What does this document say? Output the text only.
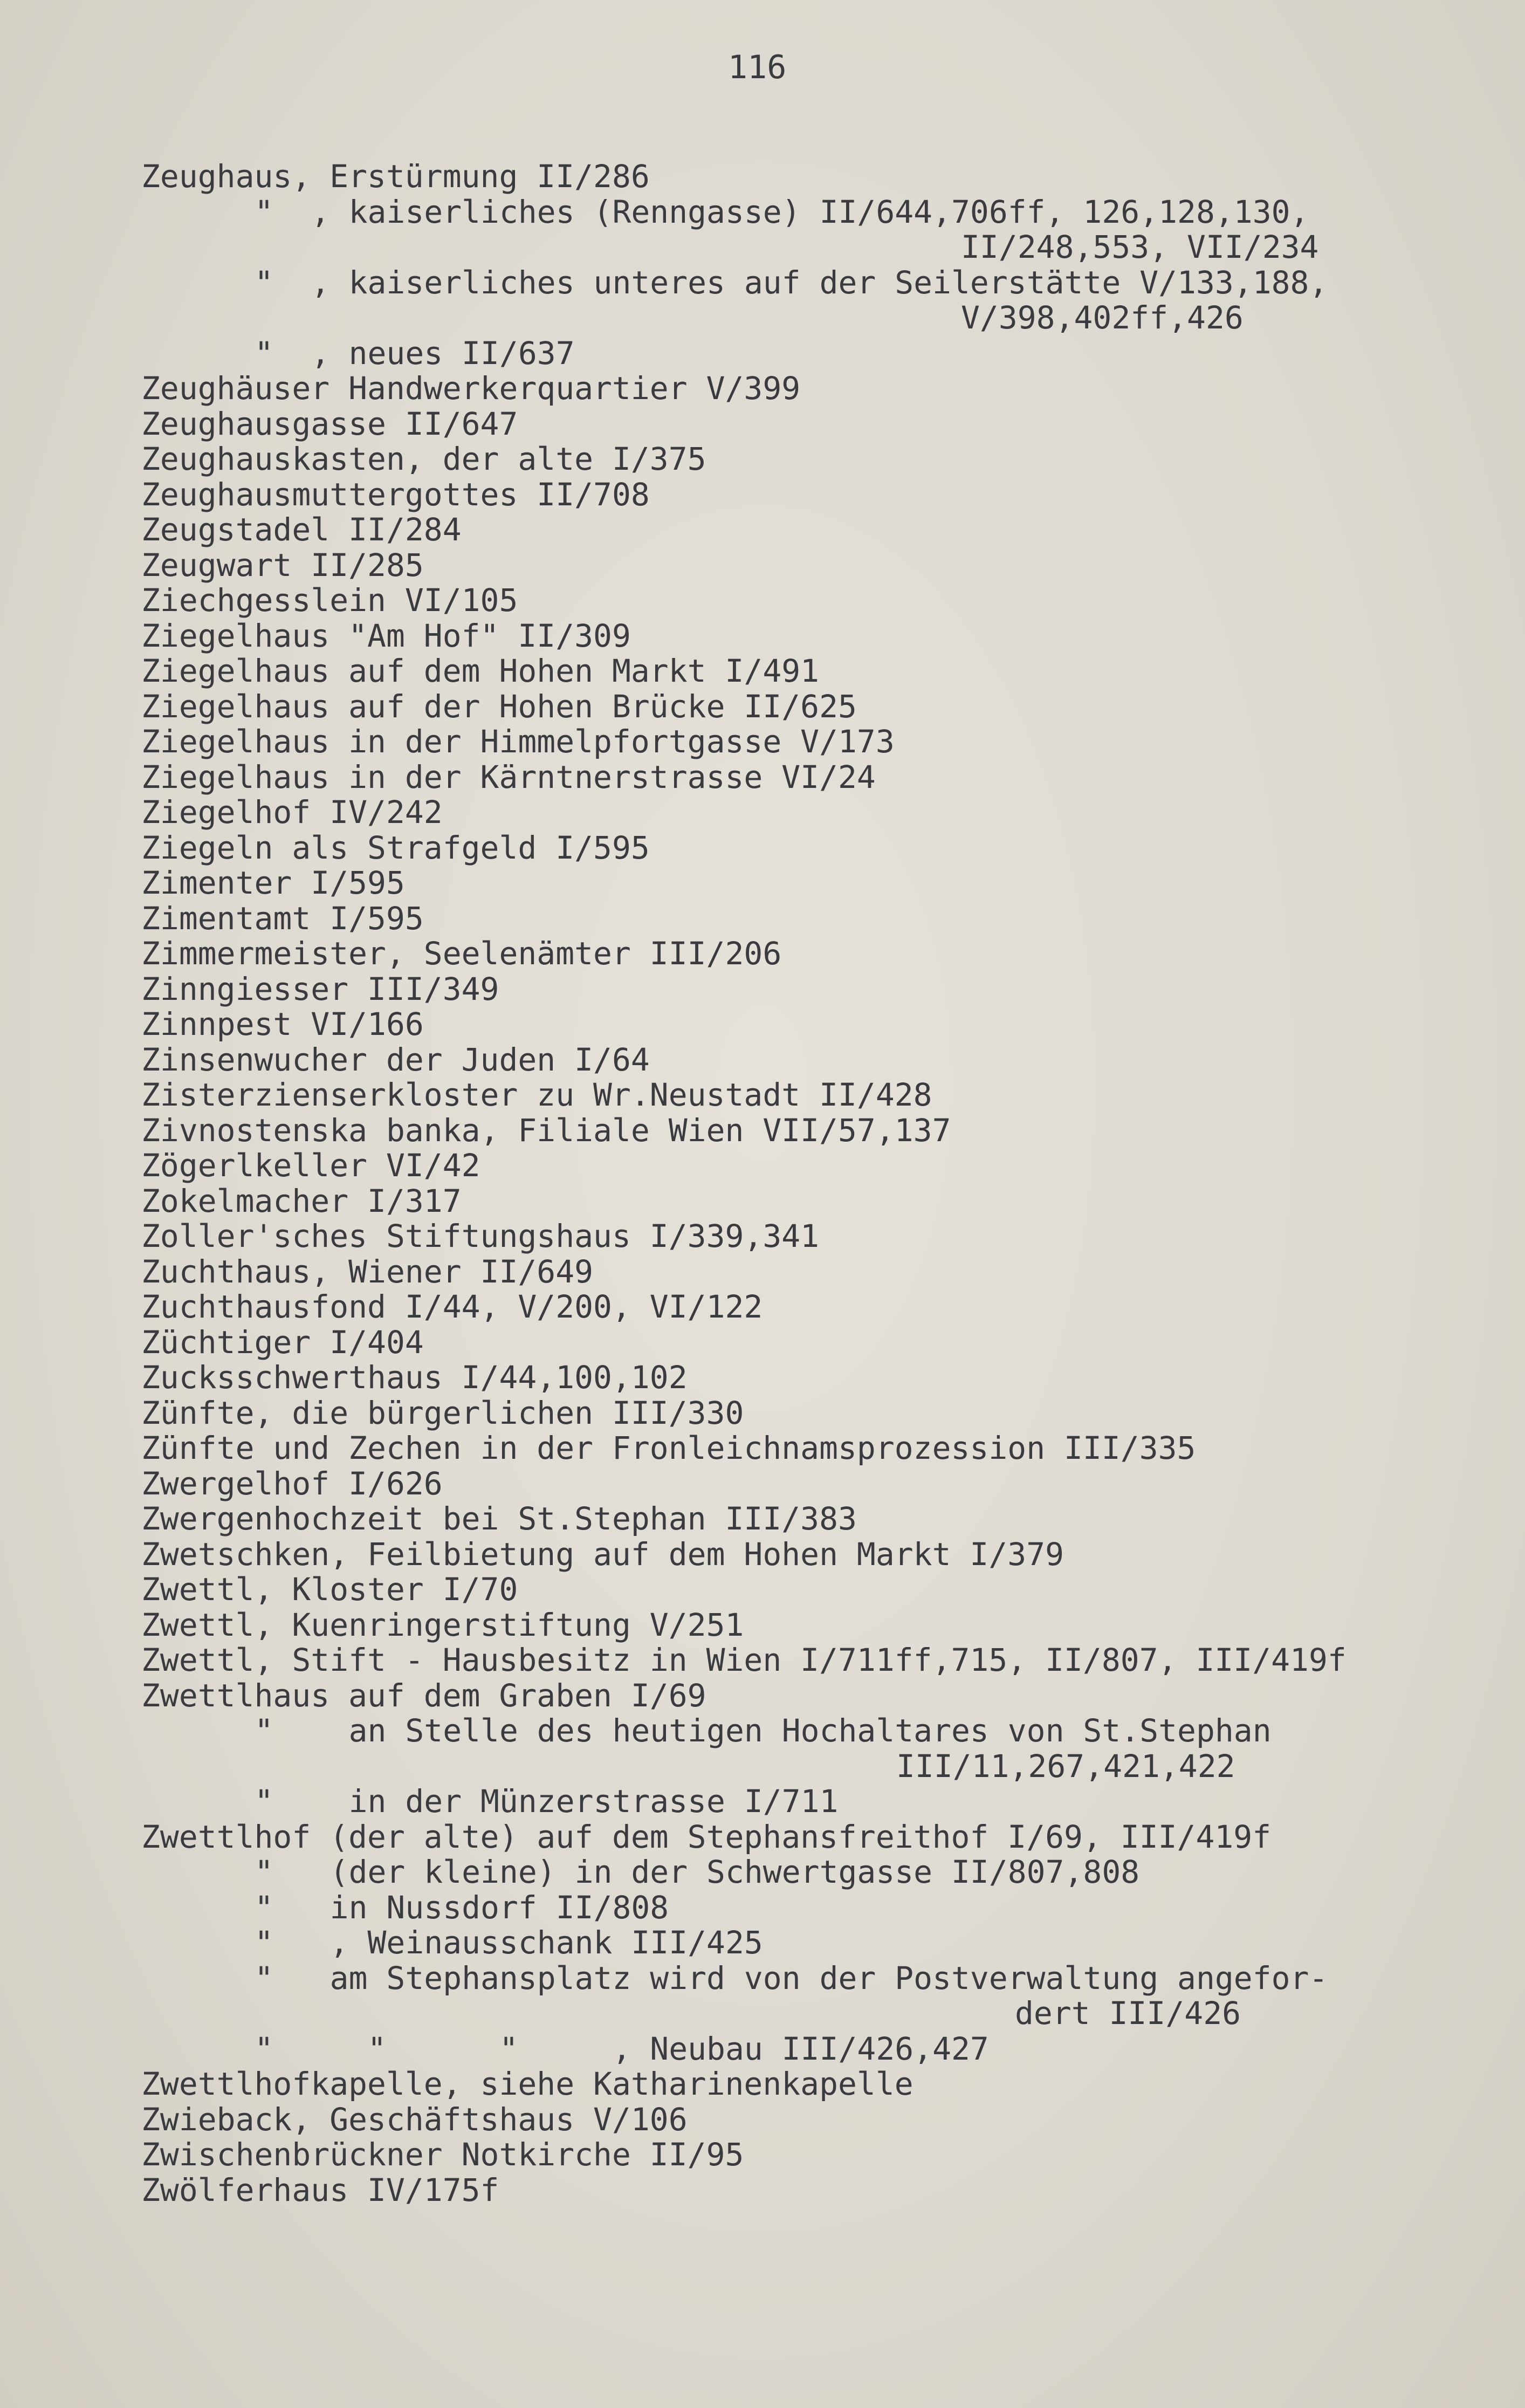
116
Zeughaus, Erstürmung II/286
"  , kaiserliches (Renngasse) II/644,706ff, 126,128,130,
II/248,553, VII/234
"  , kaiserliches unteres auf der Seilerstätte V/133,188,
V/398,402ff,426
"  , neues II/637
Zeughäuser Handwerkerquartier V/399
Zeughausgasse II/647
Zeughauskasten, der alte I/375
Zeughausmuttergottes II/708
Zeugstadel II/284
Zeugwart II/285
Ziechgesslein VI/105
Ziegelhaus "Am Hof" II/309
Ziegelhaus auf dem Hohen Markt I/491
Ziegelhaus auf der Hohen Brücke II/625
Ziegelhaus in der Himmelpfortgasse V/173
Ziegelhaus in der Kärntnerstrasse VI/24
Ziegelhof IV/242
Ziegeln als Strafgeld I/595
Zimenter I/595
Zimentamt I/595
Zimmermeister, Seelenämter III/206
Zinngiesser III/349
Zinnpest VI/166
Zinsenwucher der Juden I/64
Zisterzienserkloster zu Wr.Neustadt II/428
Zivnostenska banka, Filiale Wien VII/57,137
Zögerlkeller VI/42
Zokelmacher I/317
Zoller'sches Stiftungshaus I/339,341
Zuchthaus, Wiener II/649
Zuchthausfond I/44, V/200, VI/122
Züchtiger I/404
Zucksschwerthaus I/44,100,102
Zünfte, die bürgerlichen III/330
Zünfte und Zechen in der Fronleichnamsprozession III/335
Zwergelhof I/626
Zwergenhochzeit bei St.Stephan III/383
Zwetschken, Feilbietung auf dem Hohen Markt I/379
Zwettl, Kloster I/70
Zwettl, Kuenringerstiftung V/251
Zwettl, Stift - Hausbesitz in Wien I/711ff,715, II/807, III/419f
Zwettlhaus auf dem Graben I/69
"    an Stelle des heutigen Hochaltares von St.Stephan
III/11,267,421,422
"    in der Münzerstrasse I/711
Zwettlhof (der alte) auf dem Stephansfreithof I/69, III/419f
"   (der kleine) in der Schwertgasse II/807,808
"   in Nussdorf II/808
"   , Weinausschank III/425
"   am Stephansplatz wird von der Postverwaltung angefor-
dert III/426
"     "      "     , Neubau III/426,427
Zwettlhofkapelle, siehe Katharinenkapelle
Zwieback, Geschäftshaus V/106
Zwischenbrückner Notkirche II/95
Zwölferhaus IV/175f
